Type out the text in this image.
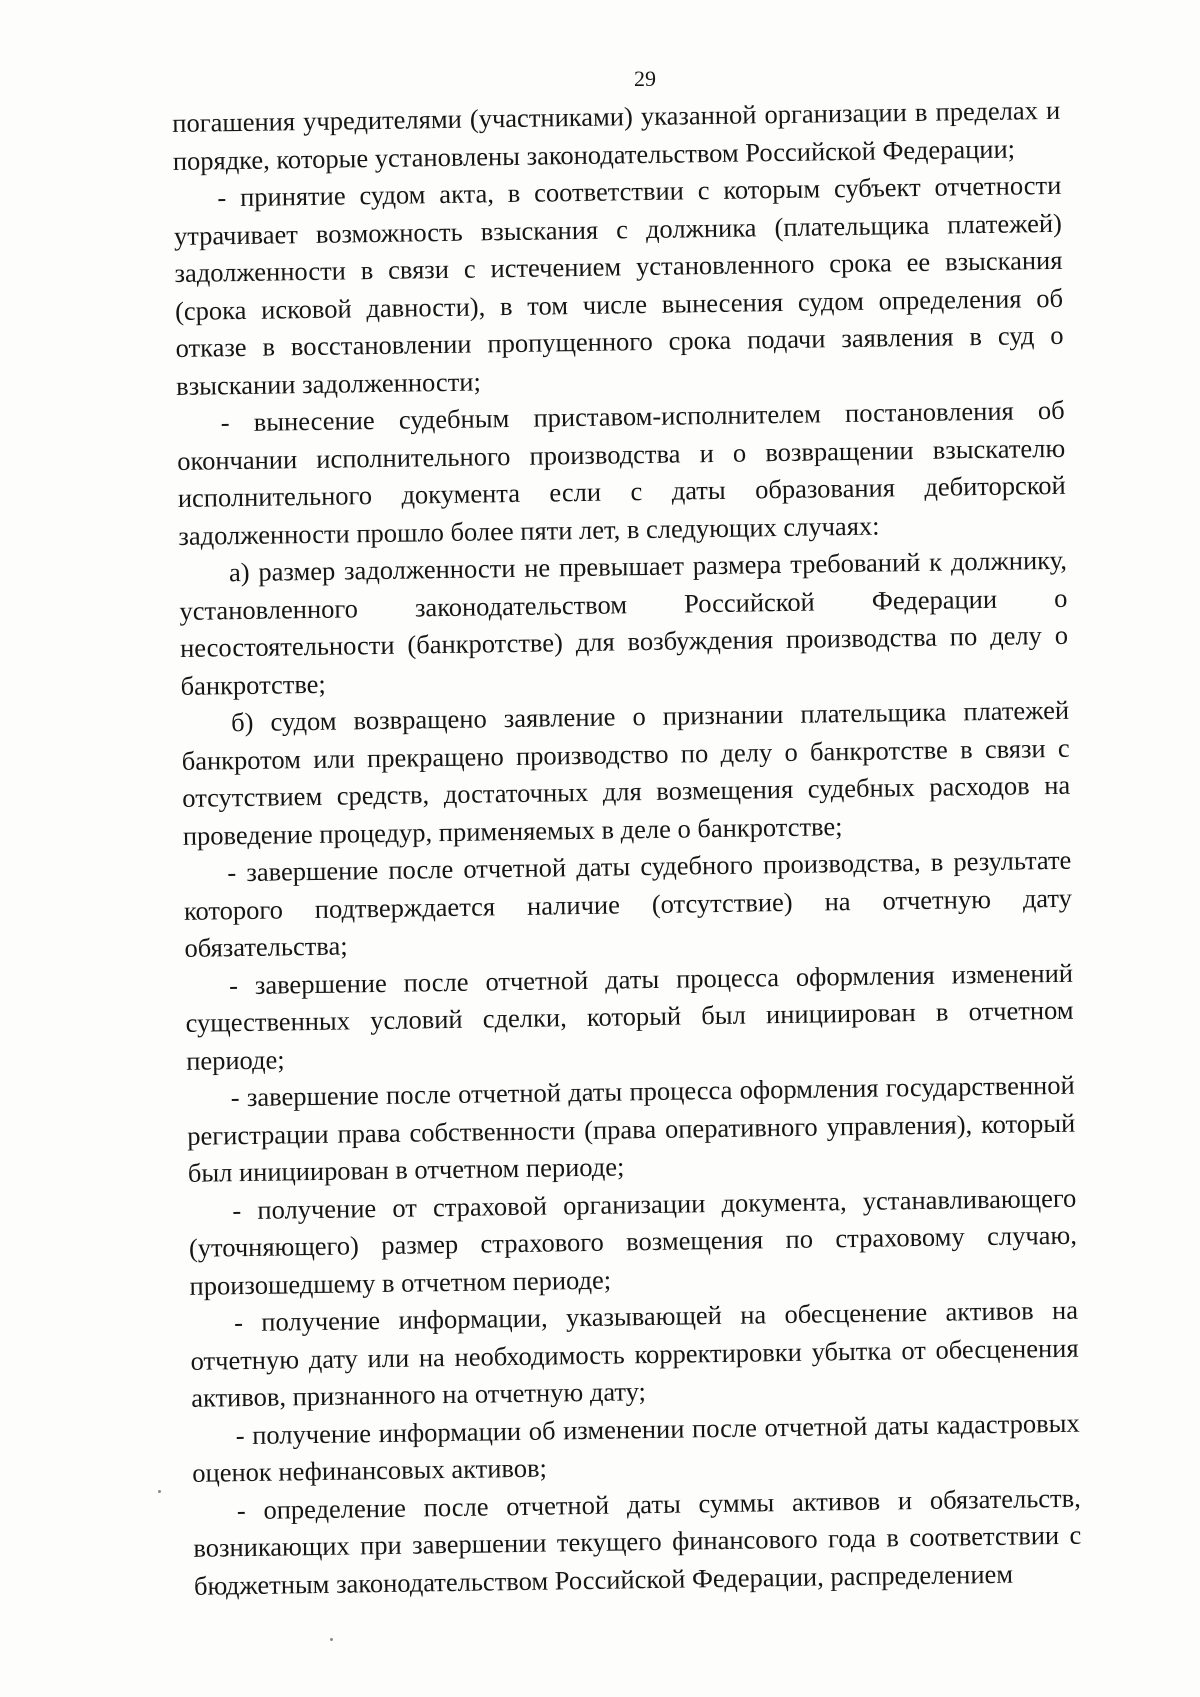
29

погашения учредителями (участниками) указанной организации в пределах и порядке, которые установлены законодательством Российской Федерации;

- принятие судом акта, в соответствии с которым субъект отчетности утрачивает возможность взыскания с должника (плательщика платежей) задолженности в связи с истечением установленного срока ее взыскания (срока исковой давности), в том числе вынесения судом определения об отказе в восстановлении пропущенного срока подачи заявления в суд о взыскании задолженности;

- вынесение судебным приставом-исполнителем постановления об окончании исполнительного производства и о возвращении взыскателю исполнительного документа если с даты образования дебиторской задолженности прошло более пяти лет, в следующих случаях:

а) размер задолженности не превышает размера требований к должнику, установленного законодательством Российской Федерации о несостоятельности (банкротстве) для возбуждения производства по делу о банкротстве;

б) судом возвращено заявление о признании плательщика платежей банкротом или прекращено производство по делу о банкротстве в связи с отсутствием средств, достаточных для возмещения судебных расходов на проведение процедур, применяемых в деле о банкротстве;

- завершение после отчетной даты судебного производства, в результате которого подтверждается наличие (отсутствие) на отчетную дату обязательства;

- завершение после отчетной даты процесса оформления изменений существенных условий сделки, который был инициирован в отчетном периоде;

- завершение после отчетной даты процесса оформления государственной регистрации права собственности (права оперативного управления), который был инициирован в отчетном периоде;

- получение от страховой организации документа, устанавливающего (уточняющего) размер страхового возмещения по страховому случаю, произошедшему в отчетном периоде;

- получение информации, указывающей на обесценение активов на отчетную дату или на необходимость корректировки убытка от обесценения активов, признанного на отчетную дату;

- получение информации об изменении после отчетной даты кадастровых оценок нефинансовых активов;

- определение после отчетной даты суммы активов и обязательств, возникающих при завершении текущего финансового года в соответствии с бюджетным законодательством Российской Федерации, распределением
